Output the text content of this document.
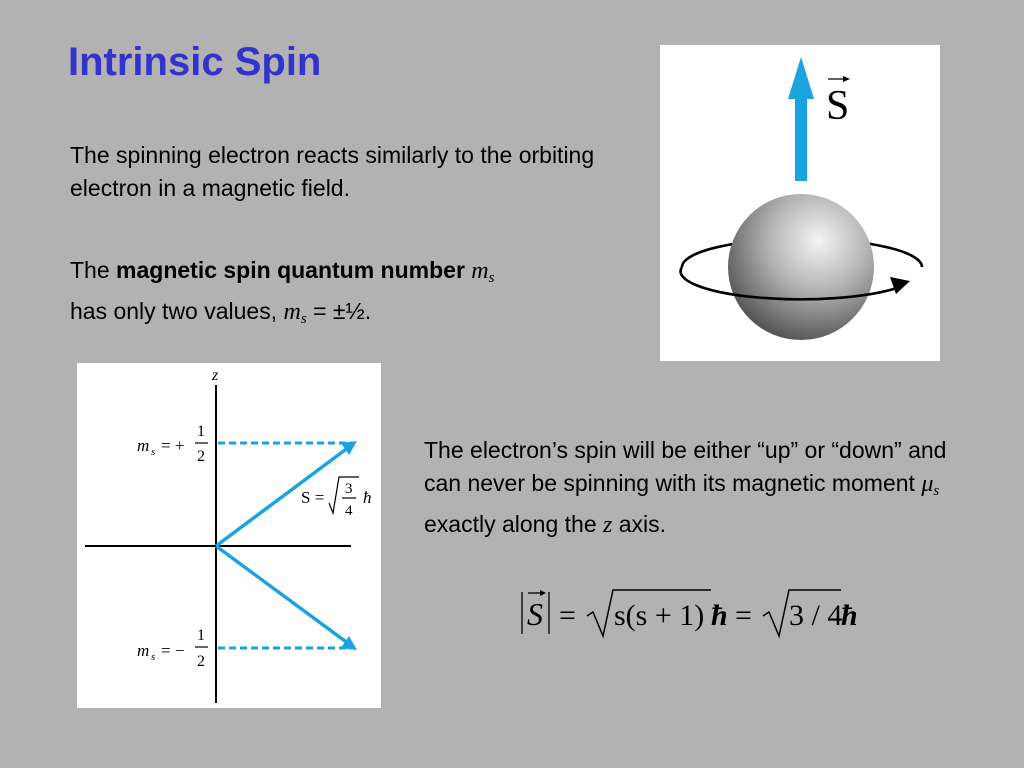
Intrinsic Spin

The spinning electron reacts similarly to the orbiting electron in a magnetic field.

The magnetic spin quantum number $m_s$
has only two values, $m_s$ = ±½.

The electron’s spin will be either “up” or “down” and can never be spinning with its magnetic moment $\mu_s$ exactly along the z axis.

S
z
m s = +
1
2
m s = −
1
2
S = 3
4
ħ
S = s(s + 1) ħ = 3 / 4
ħ
